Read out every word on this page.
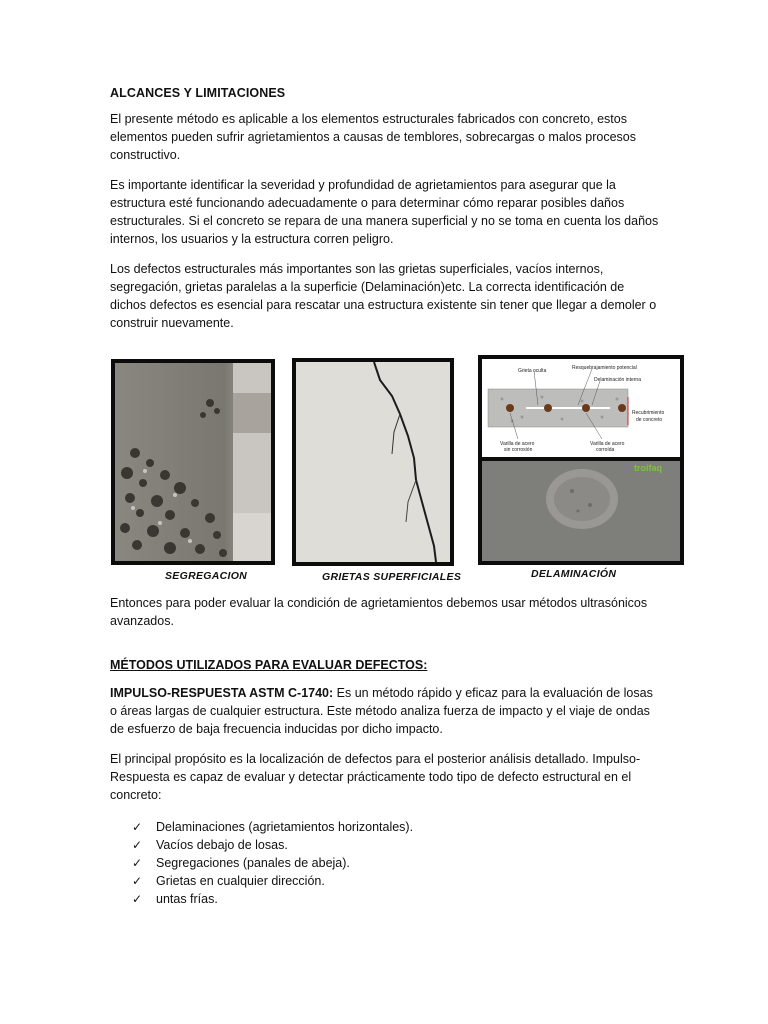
ALCANCES Y LIMITACIONES

El presente método es aplicable a los elementos estructurales fabricados con concreto, estos elementos pueden sufrir agrietamientos a causas de temblores, sobrecargas o malos procesos constructivo.

Es importante identificar la severidad y profundidad de agrietamientos para asegurar que la estructura esté funcionando adecuadamente o para determinar cómo reparar posibles daños estructurales. Si el concreto se repara de una manera superficial y no se toma en cuenta los daños internos, los usuarios y la estructura corren peligro.

Los defectos estructurales más importantes son las grietas superficiales, vacíos internos, segregación, grietas paralelas a la superficie (Delaminación)etc. La correcta identificación de dichos defectos es esencial para rescatar una estructura existente sin tener que llegar a demoler o construir nuevamente.

SEGREGACION	GRIETAS SUPERFICIALES
Grieta oculta	Resquebrajamiento potencial
Delaminación interna
Recubrimiento
de concreto
Varilla de acero
sin corrosión
Varilla de acero
corroída
troifaq
DELAMINACIÓN

Entonces para poder evaluar la condición de agrietamientos debemos usar métodos ultrasónicos avanzados.

MÉTODOS UTILIZADOS PARA EVALUAR DEFECTOS:

IMPULSO-RESPUESTA ASTM C-1740: Es un método rápido y eficaz para la evaluación de losas o áreas largas de cualquier estructura. Este método analiza fuerza de impacto y el viaje de ondas de esfuerzo de baja frecuencia inducidas por dicho impacto.

El principal propósito es la localización de defectos para el posterior análisis detallado. Impulso-Respuesta es capaz de evaluar y detectar prácticamente todo tipo de defecto estructural en el concreto:

✓ Delaminaciones (agrietamientos horizontales).
✓ Vacíos debajo de losas.
✓ Segregaciones (panales de abeja).
✓ Grietas en cualquier dirección.
✓ untas frías.
